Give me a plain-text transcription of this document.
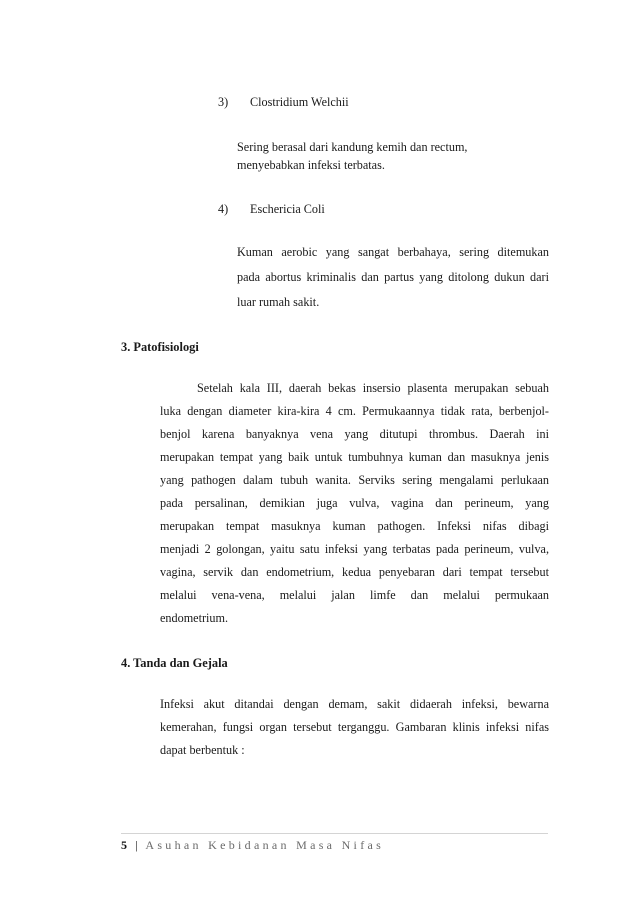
3) Clostridium Welchii
Sering berasal dari kandung kemih dan rectum,
menyebabkan infeksi terbatas.
4) Eschericia Coli
Kuman aerobic yang sangat berbahaya, sering ditemukan
pada abortus kriminalis dan partus yang ditolong dukun dari
luar rumah sakit.
3. Patofisiologi
Setelah kala III, daerah bekas insersio plasenta merupakan sebuah
luka dengan diameter kira-kira 4 cm. Permukaannya tidak rata, berbenjol-
benjol karena banyaknya vena yang ditutupi thrombus. Daerah ini
merupakan tempat yang baik untuk tumbuhnya kuman dan masuknya jenis
yang pathogen dalam tubuh wanita. Serviks sering mengalami perlukaan
pada persalinan, demikian juga vulva, vagina dan perineum, yang
merupakan tempat masuknya kuman pathogen. Infeksi nifas dibagi
menjadi 2 golongan, yaitu satu infeksi yang terbatas pada perineum, vulva,
vagina, servik dan endometrium, kedua penyebaran dari tempat tersebut
melalui vena-vena, melalui jalan limfe dan melalui permukaan
endometrium.
4. Tanda dan Gejala
Infeksi akut ditandai dengan demam, sakit didaerah infeksi, bewarna
kemerahan, fungsi organ tersebut terganggu. Gambaran klinis infeksi nifas
dapat berbentuk :
5 | Asuhan Kebidanan Masa Nifas
